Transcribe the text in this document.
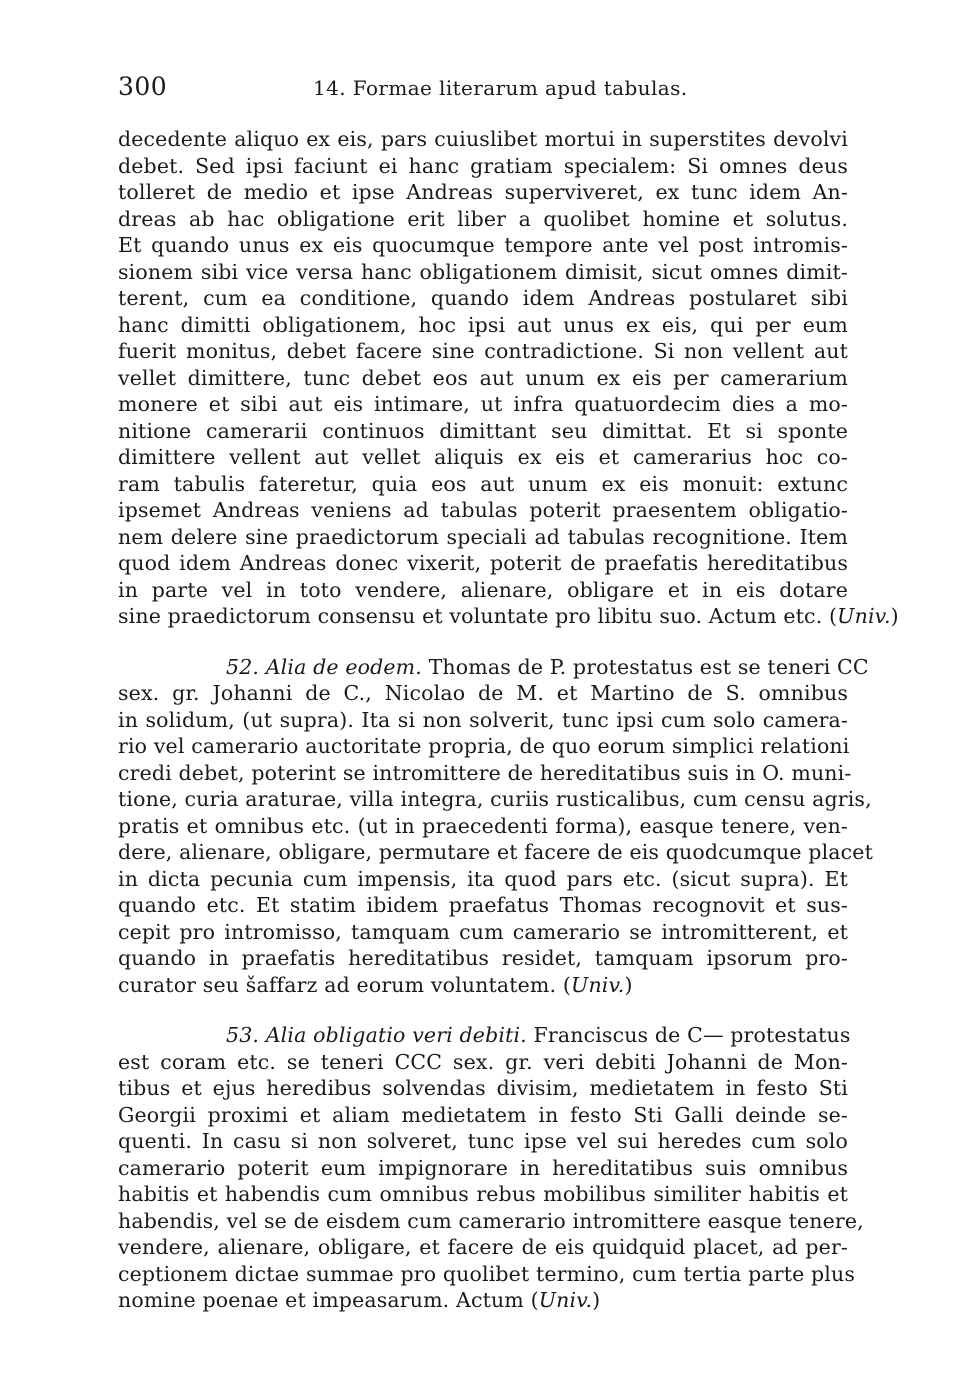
300	14. Formae literarum apud tabulas.
decedente aliquo ex eis, pars cuiuslibet mortui in superstites devolvi
debet. Sed ipsi faciunt ei hanc gratiam specialem: Si omnes deus
tolleret de medio et ipse Andreas superviveret, ex tunc idem An-
dreas ab hac obligatione erit liber a quolibet homine et solutus.
Et quando unus ex eis quocumque tempore ante vel post intromis-
sionem sibi vice versa hanc obligationem dimisit, sicut omnes dimit-
terent, cum ea conditione, quando idem Andreas postularet sibi
hanc dimitti obligationem, hoc ipsi aut unus ex eis, qui per eum
fuerit monitus, debet facere sine contradictione. Si non vellent aut
vellet dimittere, tunc debet eos aut unum ex eis per camerarium
monere et sibi aut eis intimare, ut infra quatuordecim dies a mo-
nitione camerarii continuos dimittant seu dimittat. Et si sponte
dimittere vellent aut vellet aliquis ex eis et camerarius hoc co-
ram tabulis fateretur, quia eos aut unum ex eis monuit: extunc
ipsemet Andreas veniens ad tabulas poterit praesentem obligatio-
nem delere sine praedictorum speciali ad tabulas recognitione. Item
quod idem Andreas donec vixerit, poterit de praefatis hereditatibus
in parte vel in toto vendere, alienare, obligare et in eis dotare
sine praedictorum consensu et voluntate pro libitu suo. Actum etc. (Univ.)
52. Alia de eodem. Thomas de P. protestatus est se teneri CC
sex. gr. Johanni de C., Nicolao de M. et Martino de S. omnibus
in solidum, (ut supra). Ita si non solverit, tunc ipsi cum solo camera-
rio vel camerario auctoritate propria, de quo eorum simplici relationi
credi debet, poterint se intromittere de hereditatibus suis in O. muni-
tione, curia araturae, villa integra, curiis rusticalibus, cum censu agris,
pratis et omnibus etc. (ut in praecedenti forma), easque tenere, ven-
dere, alienare, obligare, permutare et facere de eis quodcumque placet
in dicta pecunia cum impensis, ita quod pars etc. (sicut supra). Et
quando etc. Et statim ibidem praefatus Thomas recognovit et sus-
cepit pro intromisso, tamquam cum camerario se intromitterent, et
quando in praefatis hereditatibus residet, tamquam ipsorum pro-
curator seu šaffarz ad eorum voluntatem. (Univ.)
53. Alia obligatio veri debiti. Franciscus de C— protestatus
est coram etc. se teneri CCC sex. gr. veri debiti Johanni de Mon-
tibus et ejus heredibus solvendas divisim, medietatem in festo Sti
Georgii proximi et aliam medietatem in festo Sti Galli deinde se-
quenti. In casu si non solveret, tunc ipse vel sui heredes cum solo
camerario poterit eum impignorare in hereditatibus suis omnibus
habitis et habendis cum omnibus rebus mobilibus similiter habitis et
habendis, vel se de eisdem cum camerario intromittere easque tenere,
vendere, alienare, obligare, et facere de eis quidquid placet, ad per-
ceptionem dictae summae pro quolibet termino, cum tertia parte plus
nomine poenae et impeasarum. Actum (Univ.)
